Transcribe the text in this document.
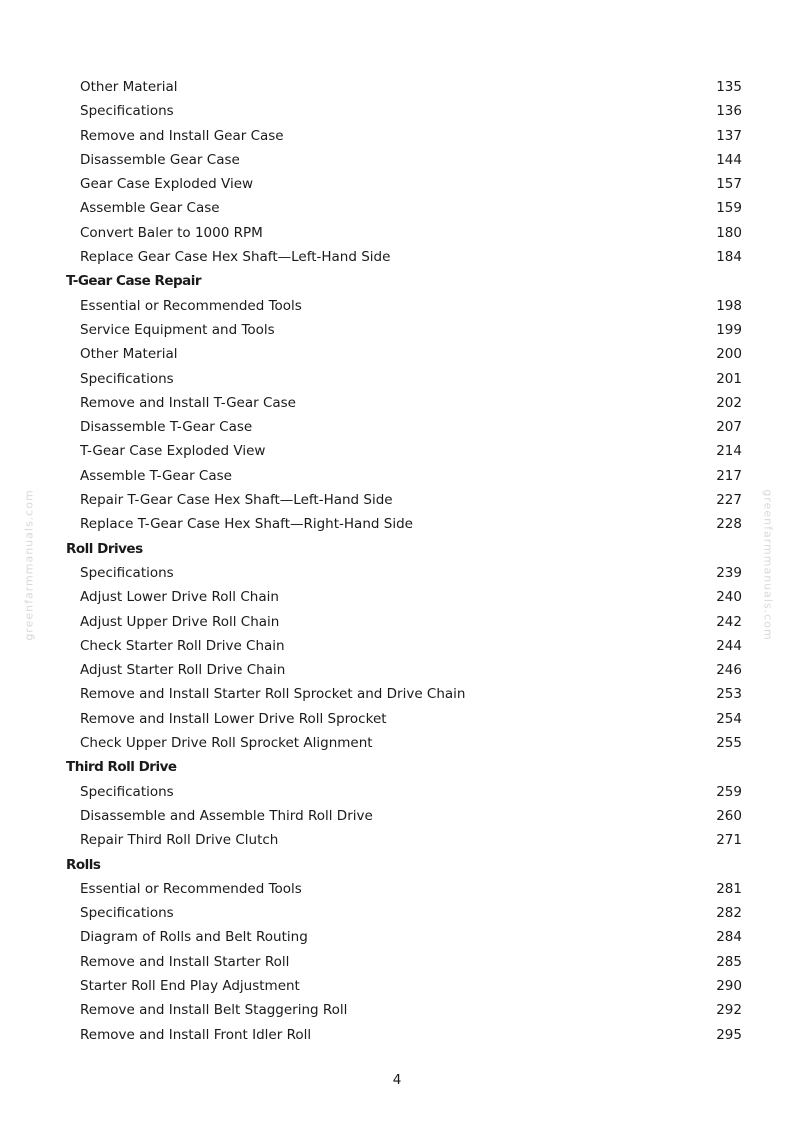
Other Material	135
Specifications	136
Remove and Install Gear Case	137
Disassemble Gear Case	144
Gear Case Exploded View	157
Assemble Gear Case	159
Convert Baler to 1000 RPM	180
Replace Gear Case Hex Shaft—Left-Hand Side	184
T-Gear Case Repair
Essential or Recommended Tools	198
Service Equipment and Tools	199
Other Material	200
Specifications	201
Remove and Install T-Gear Case	202
Disassemble T-Gear Case	207
T-Gear Case Exploded View	214
Assemble T-Gear Case	217
Repair T-Gear Case Hex Shaft—Left-Hand Side	227
Replace T-Gear Case Hex Shaft—Right-Hand Side	228
Roll Drives
Specifications	239
Adjust Lower Drive Roll Chain	240
Adjust Upper Drive Roll Chain	242
Check Starter Roll Drive Chain	244
Adjust Starter Roll Drive Chain	246
Remove and Install Starter Roll Sprocket and Drive Chain	253
Remove and Install Lower Drive Roll Sprocket	254
Check Upper Drive Roll Sprocket Alignment	255
Third Roll Drive
Specifications	259
Disassemble and Assemble Third Roll Drive	260
Repair Third Roll Drive Clutch	271
Rolls
Essential or Recommended Tools	281
Specifications	282
Diagram of Rolls and Belt Routing	284
Remove and Install Starter Roll	285
Starter Roll End Play Adjustment	290
Remove and Install Belt Staggering Roll	292
Remove and Install Front Idler Roll	295
4
greenfarmmanuals.com	greenfarmmanuals.com
